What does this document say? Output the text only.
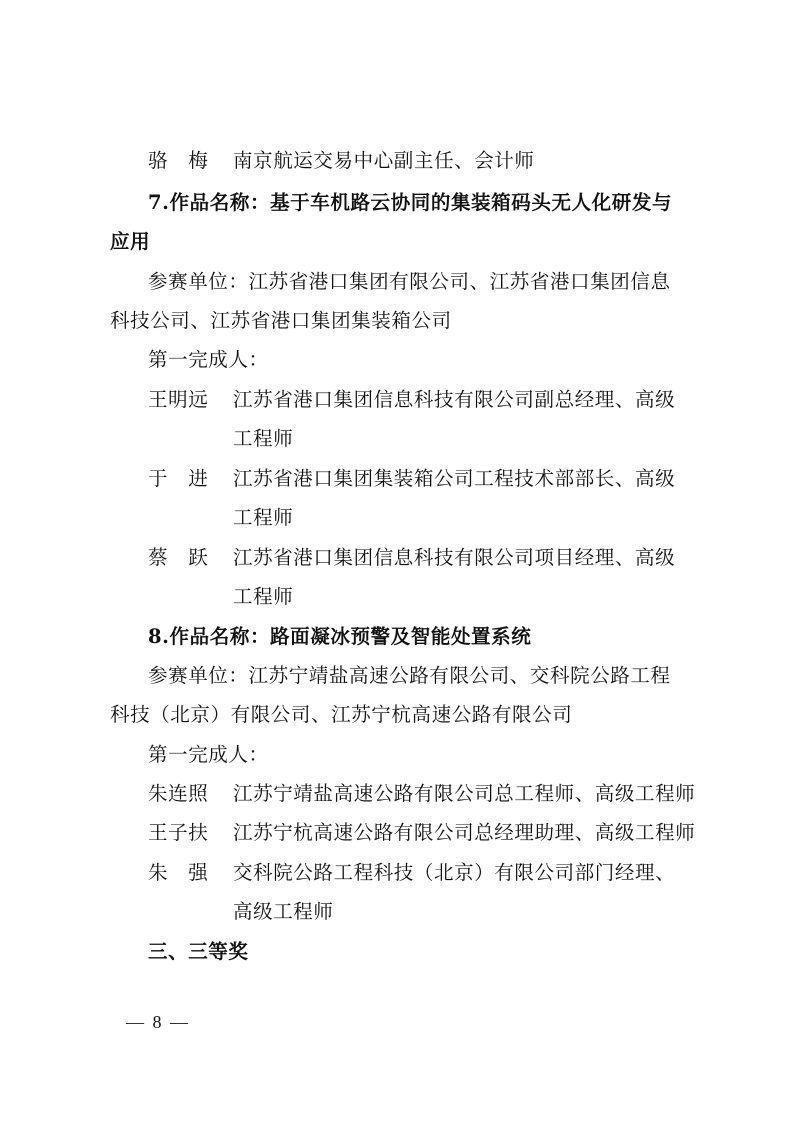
骆　梅 南京航运交易中心副主任、会计师
7.作品名称：基于车机路云协同的集装箱码头无人化研发与
应用
参赛单位：江苏省港口集团有限公司、江苏省港口集团信息
科技公司、江苏省港口集团集装箱公司
第一完成人：
王明远 江苏省港口集团信息科技有限公司副总经理、高级
工程师
于　进 江苏省港口集团集装箱公司工程技术部部长、高级
工程师
蔡　跃 江苏省港口集团信息科技有限公司项目经理、高级
工程师
8.作品名称：路面凝冰预警及智能处置系统
参赛单位：江苏宁靖盐高速公路有限公司、交科院公路工程
科技（北京）有限公司、江苏宁杭高速公路有限公司
第一完成人：
朱连照 江苏宁靖盐高速公路有限公司总工程师、高级工程师
王子扶 江苏宁杭高速公路有限公司总经理助理、高级工程师
朱　强 交科院公路工程科技（北京）有限公司部门经理、
高级工程师
三、三等奖
— 8 —
